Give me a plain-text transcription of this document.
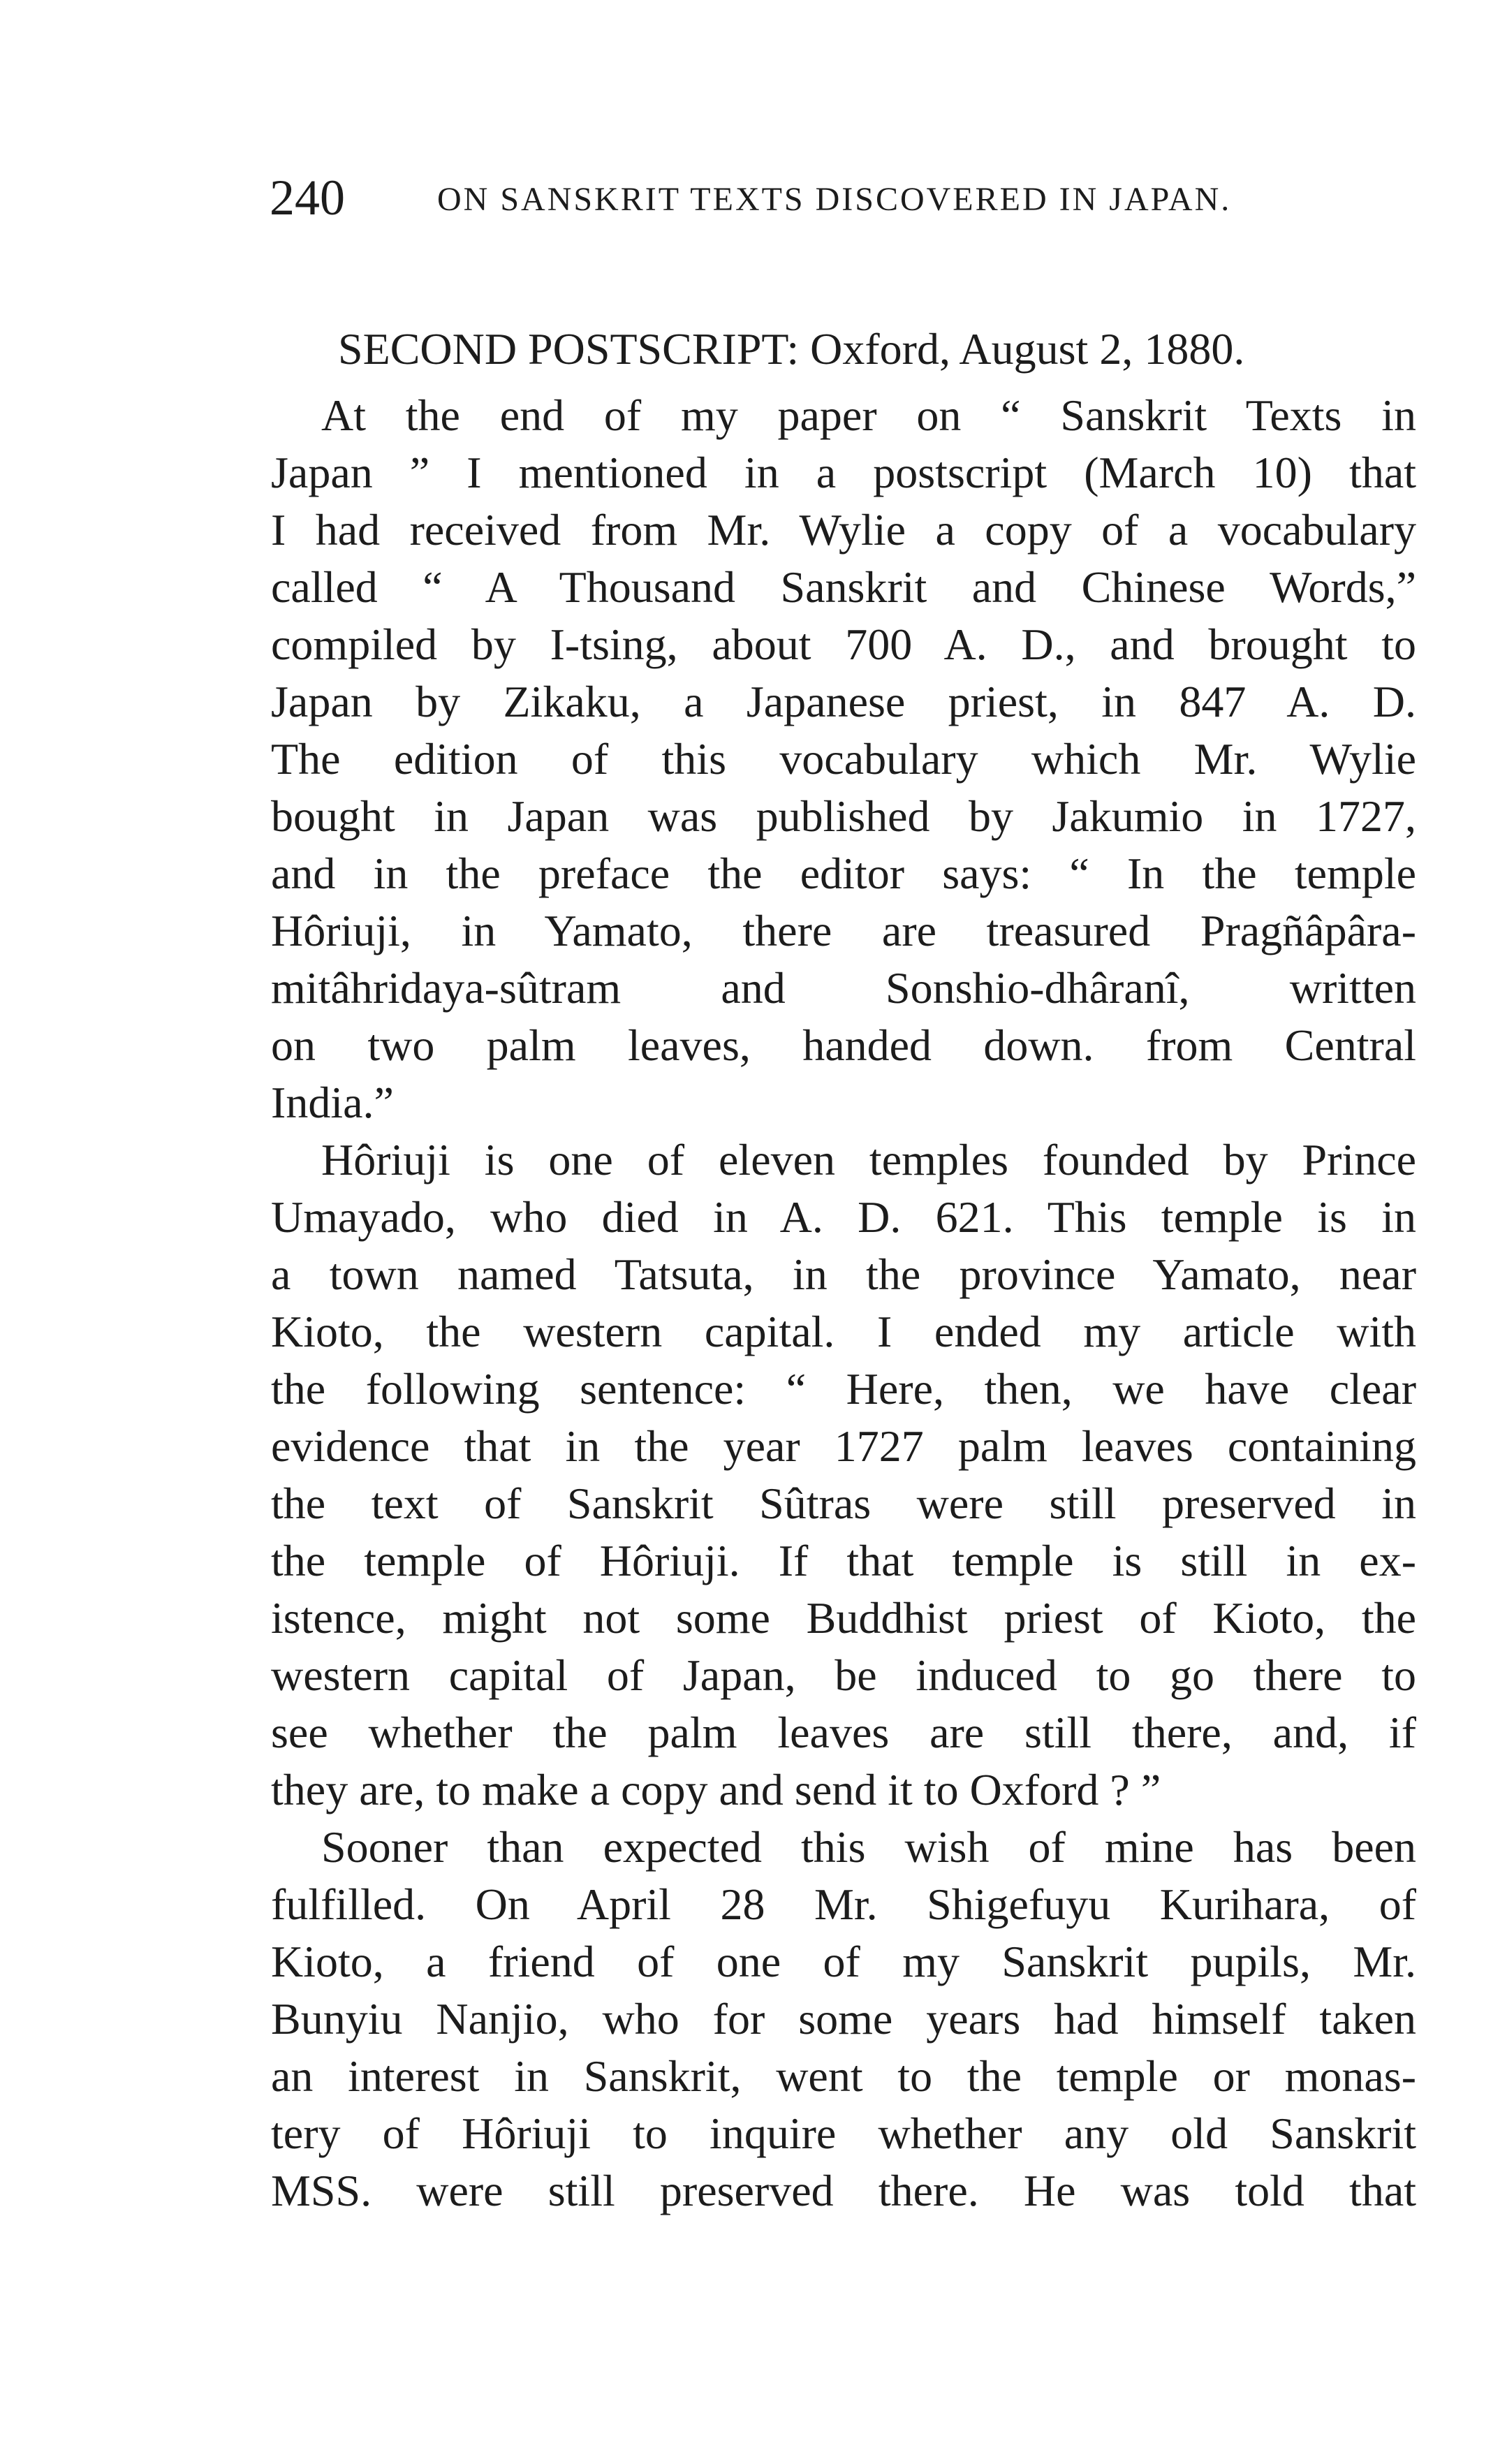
240	ON SANSKRIT TEXTS DISCOVERED IN JAPAN.
SECOND POSTSCRIPT: Oxford, August 2, 1880.
At the end of my paper on “ Sanskrit Texts in
Japan ” I mentioned in a postscript (March 10) that
I had received from Mr. Wylie a copy of a vocabulary
called “ A Thousand Sanskrit and Chinese Words,”
compiled by I-tsing, about 700 A. D., and brought to
Japan by Zikaku, a Japanese priest, in 847 A. D.
The edition of this vocabulary which Mr. Wylie
bought in Japan was published by Jakumio in 1727,
and in the preface the editor says: “ In the temple
Hôriuji, in Yamato, there are treasured Pragñâpâra-
mitâhridaya-sûtram and Sonshio-dhâranî, written
on two palm leaves, handed down. from Central
India.”
Hôriuji is one of eleven temples founded by Prince
Umayado, who died in A. D. 621. This temple is in
a town named Tatsuta, in the province Yamato, near
Kioto, the western capital. I ended my article with
the following sentence: “ Here, then, we have clear
evidence that in the year 1727 palm leaves containing
the text of Sanskrit Sûtras were still preserved in
the temple of Hôriuji. If that temple is still in ex-
istence, might not some Buddhist priest of Kioto, the
western capital of Japan, be induced to go there to
see whether the palm leaves are still there, and, if
they are, to make a copy and send it to Oxford ? ”
Sooner than expected this wish of mine has been
fulfilled. On April 28 Mr. Shigefuyu Kurihara, of
Kioto, a friend of one of my Sanskrit pupils, Mr.
Bunyiu Nanjio, who for some years had himself taken
an interest in Sanskrit, went to the temple or monas-
tery of Hôriuji to inquire whether any old Sanskrit
MSS. were still preserved there. He was told that
